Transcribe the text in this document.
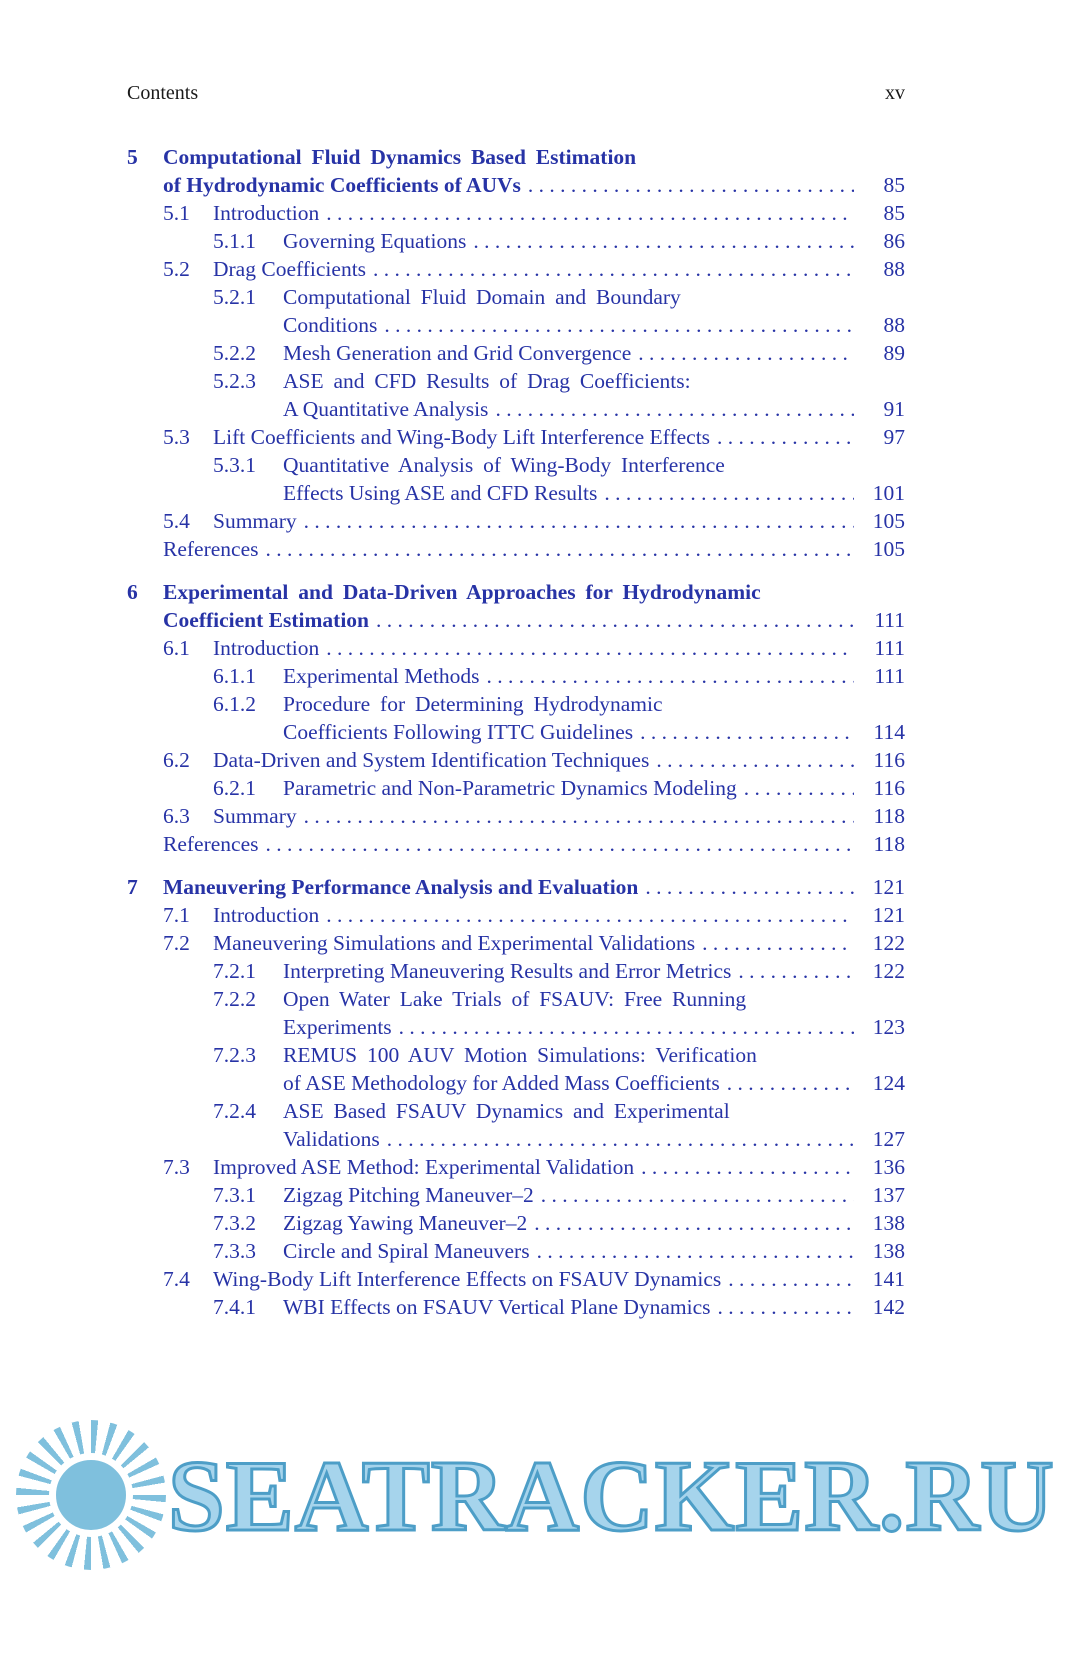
Contents	xv
5	Computational Fluid Dynamics Based Estimation
of Hydrodynamic Coefficients of AUVs . . .	85
5.1	Introduction . . .	85
5.1.1	Governing Equations . . .	86
5.2	Drag Coefficients . . .	88
5.2.1	Computational Fluid Domain and Boundary
Conditions . . .	88
5.2.2	Mesh Generation and Grid Convergence . . .	89
5.2.3	ASE and CFD Results of Drag Coefficients:
A Quantitative Analysis . . .	91
5.3	Lift Coefficients and Wing-Body Lift Interference Effects . . .	97
5.3.1	Quantitative Analysis of Wing-Body Interference
Effects Using ASE and CFD Results . . .	101
5.4	Summary . . .	105
References . . .	105
6	Experimental and Data-Driven Approaches for Hydrodynamic
Coefficient Estimation . . .	111
6.1	Introduction . . .	111
6.1.1	Experimental Methods . . .	111
6.1.2	Procedure for Determining Hydrodynamic
Coefficients Following ITTC Guidelines . . .	114
6.2	Data-Driven and System Identification Techniques . . .	116
6.2.1	Parametric and Non-Parametric Dynamics Modeling . . .	116
6.3	Summary . . .	118
References . . .	118
7	Maneuvering Performance Analysis and Evaluation . . .	121
7.1	Introduction . . .	121
7.2	Maneuvering Simulations and Experimental Validations . . .	122
7.2.1	Interpreting Maneuvering Results and Error Metrics . . .	122
7.2.2	Open Water Lake Trials of FSAUV: Free Running
Experiments . . .	123
7.2.3	REMUS 100 AUV Motion Simulations: Verification
of ASE Methodology for Added Mass Coefficients . . .	124
7.2.4	ASE Based FSAUV Dynamics and Experimental
Validations . . .	127
7.3	Improved ASE Method: Experimental Validation . . .	136
7.3.1	Zigzag Pitching Maneuver–2 . . .	137
7.3.2	Zigzag Yawing Maneuver–2 . . .	138
7.3.3	Circle and Spiral Maneuvers . . .	138
7.4	Wing-Body Lift Interference Effects on FSAUV Dynamics . . .	141
7.4.1	WBI Effects on FSAUV Vertical Plane Dynamics . . .	142
SEATRACKER.RU
